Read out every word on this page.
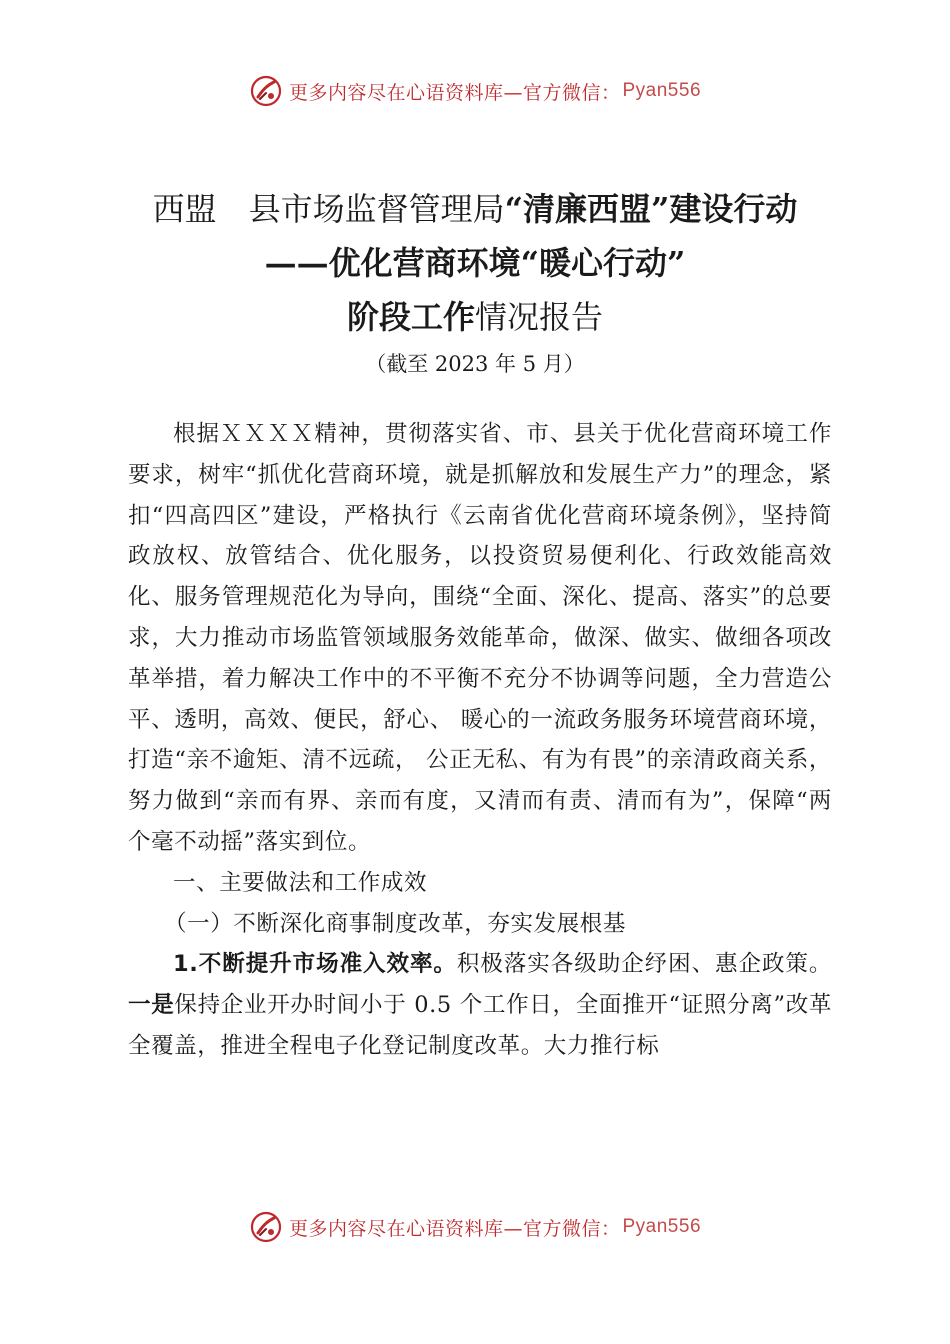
更多内容尽在心语资料库—官方微信： Pyan556
西盟　县市场监督管理局“清廉西盟”建设行动
——优化营商环境“暖心行动”
阶段工作情况报告
（截至 2023 年 5 月）

根据ＸＸＸＸ精神，贯彻落实省、市、县关于优化营商环境工作要求，树牢“抓优化营商环境，就是抓解放和发展生产力”的理念，紧扣“四高四区”建设，严格执行《云南省优化营商环境条例》，坚持简政放权、放管结合、优化服务，以投资贸易便利化、行政效能高效化、服务管理规范化为导向，围绕“全面、深化、提高、落实”的总要求，大力推动市场监管领域服务效能革命，做深、做实、做细各项改革举措，着力解决工作中的不平衡不充分不协调等问题，全力营造公平、透明，高效、便民，舒心、 暖心的一流政务服务环境营商环境，打造“亲不逾矩、清不远疏， 公正无私、有为有畏”的亲清政商关系，努力做到“亲而有界、亲而有度，又清而有责、清而有为”，保障“两个毫不动摇”落实到位。

一、主要做法和工作成效
（一）不断深化商事制度改革，夯实发展根基

1.不断提升市场准入效率。积极落实各级助企纾困、惠企政策。一是保持企业开办时间小于 0.5 个工作日，全面推开“证照分离”改革全覆盖，推进全程电子化登记制度改革。大力推行标

更多内容尽在心语资料库—官方微信： Pyan556
